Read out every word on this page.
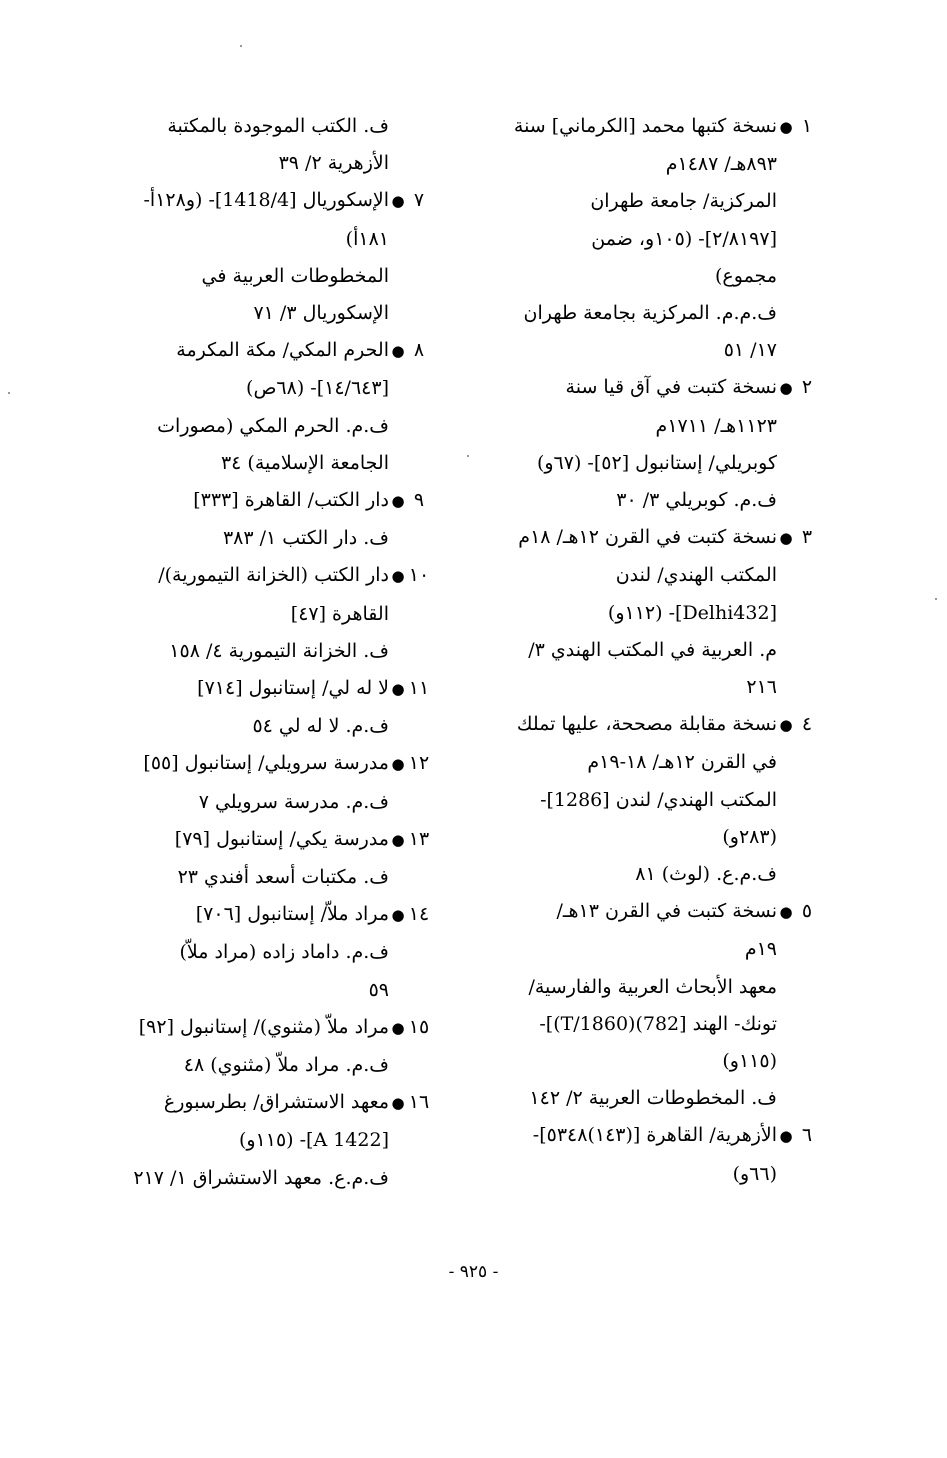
١
●
نسخة كتبها محمد [الكرماني] سنة
٨٩٣هـ/ ١٤٨٧م
المركزية/ جامعة طهران
[٢/٨١٩٧]- (١٠٥و، ضمن
مجموع)
ف.م.م. المركزية بجامعة طهران
١٧/ ٥١
٢
●
نسخة كتبت في آق قيا سنة
١١٢٣هـ/ ١٧١١م
كوبريلي/ إستانبول [٥٢]- (٦٧و)
ف.م. كوبريلي ٣/ ٣٠
٣
●
نسخة كتبت في القرن ١٢هـ/ ١٨م
المكتب الهندي/ لندن
[Delhi432]- (١١٢و)
م. العربية في المكتب الهندي ٣/
٢١٦
٤
●
نسخة مقابلة مصححة، عليها تملك
في القرن ١٢هـ/ ١٨-١٩م
المكتب الهندي/ لندن [1286]-
(٢٨٣و)
ف.م.ع. (لوث) ٨١
٥
●
نسخة كتبت في القرن ١٣هـ/
١٩م
معهد الأبحاث العربية والفارسية/
تونك- الهند [782)(T/1860)]-
(١١٥و)
ف. المخطوطات العربية ٢/ ١٤٢
٦
●
الأزهرية/ القاهرة [(١٤٣)٥٣٤٨]-
(٦٦و)
ف. الكتب الموجودة بالمكتبة
الأزهرية ٢/ ٣٩
٧
●
الإسكوريال [1418/4]- (و١٢٨أ-
١٨١أ)
المخطوطات العربية في
الإسكوريال ٣/ ٧١
٨
●
الحرم المكي/ مكة المكرمة
[١٤/٦٤٣]- (٦٨ص)
ف.م. الحرم المكي (مصورات
الجامعة الإسلامية) ٣٤
٩
●
دار الكتب/ القاهرة [٣٣٣]
ف. دار الكتب ١/ ٣٨٣
١٠
●
دار الكتب (الخزانة التيمورية)/
القاهرة [٤٧]
ف. الخزانة التيمورية ٤/ ١٥٨
١١
●
لا له لي/ إستانبول [٧١٤]
ف.م. لا له لي ٥٤
١٢
●
مدرسة سرويلي/ إستانبول [٥٥]
ف.م. مدرسة سرويلي ٧
١٣
●
مدرسة يكي/ إستانبول [٧٩]
ف. مكتبات أسعد أفندي ٢٣
١٤
●
مراد ملاّ/ إستانبول [٧٠٦]
ف.م. داماد زاده (مراد ملاّ)
٥٩
١٥
●
مراد ملاّ (مثنوي)/ إستانبول [٩٢]
ف.م. مراد ملاّ (مثنوي) ٤٨
١٦
●
معهد الاستشراق/ بطرسبورغ
[A 1422]- (١١٥و)
ف.م.ع. معهد الاستشراق ١/ ٢١٧
- ٩٢٥ -
